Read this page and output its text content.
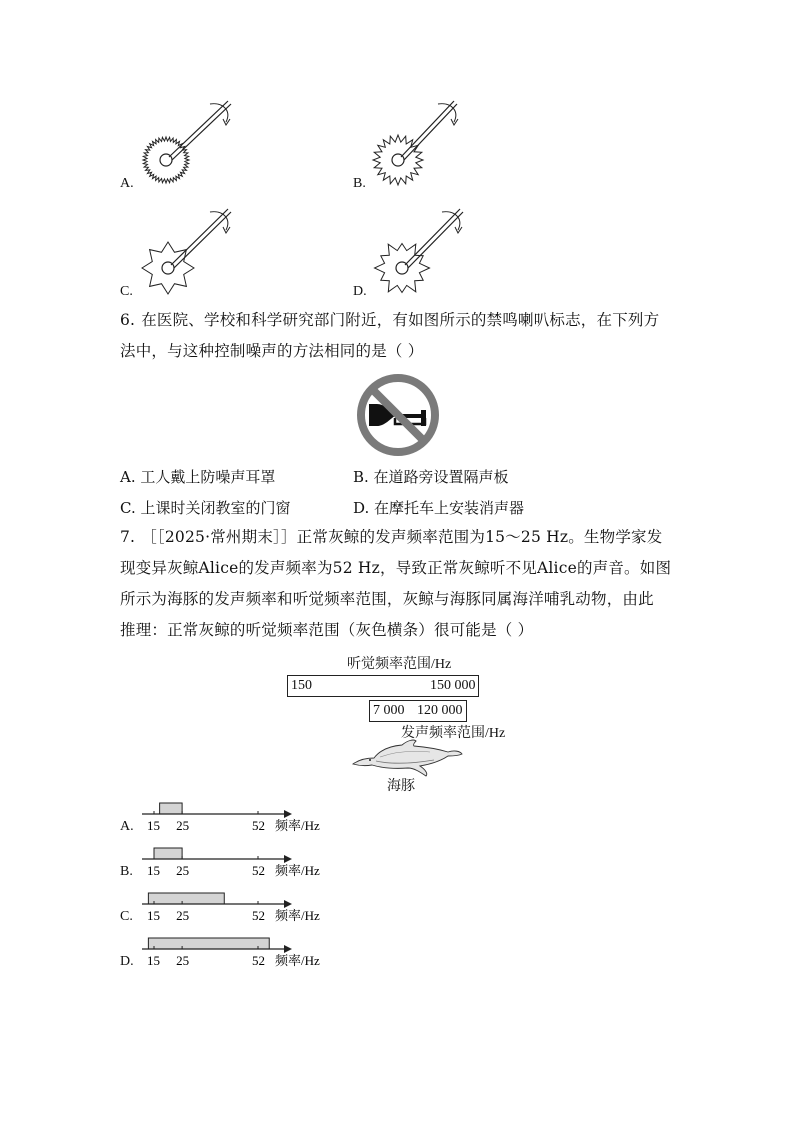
A.	B.
C.	D.
6. 在医院、学校和科学研究部门附近，有如图所示的禁鸣喇叭标志，在下列方
法中，与这种控制噪声的方法相同的是（ ）
A. 工人戴上防噪声耳罩	B. 在道路旁设置隔声板
C. 上课时关闭教室的门窗	D. 在摩托车上安装消声器
7. ［［2025·常州期末］］正常灰鲸的发声频率范围为15～25 Hz。生物学家发
现变异灰鲸Alice的发声频率为52 Hz，导致正常灰鲸听不见Alice的声音。如图
所示为海豚的发声频率和听觉频率范围，灰鲸与海豚同属海洋哺乳动物，由此
推理：正常灰鲸的听觉频率范围（灰色横条）很可能是（ ）
听觉频率范围/Hz
150	150 000
7 000 120 000
发声频率范围/Hz
海豚
A. 15 25	52 频率/Hz
B. 15 25	52 频率/Hz
C. 15 25	52 频率/Hz
D. 15 25	52 频率/Hz
